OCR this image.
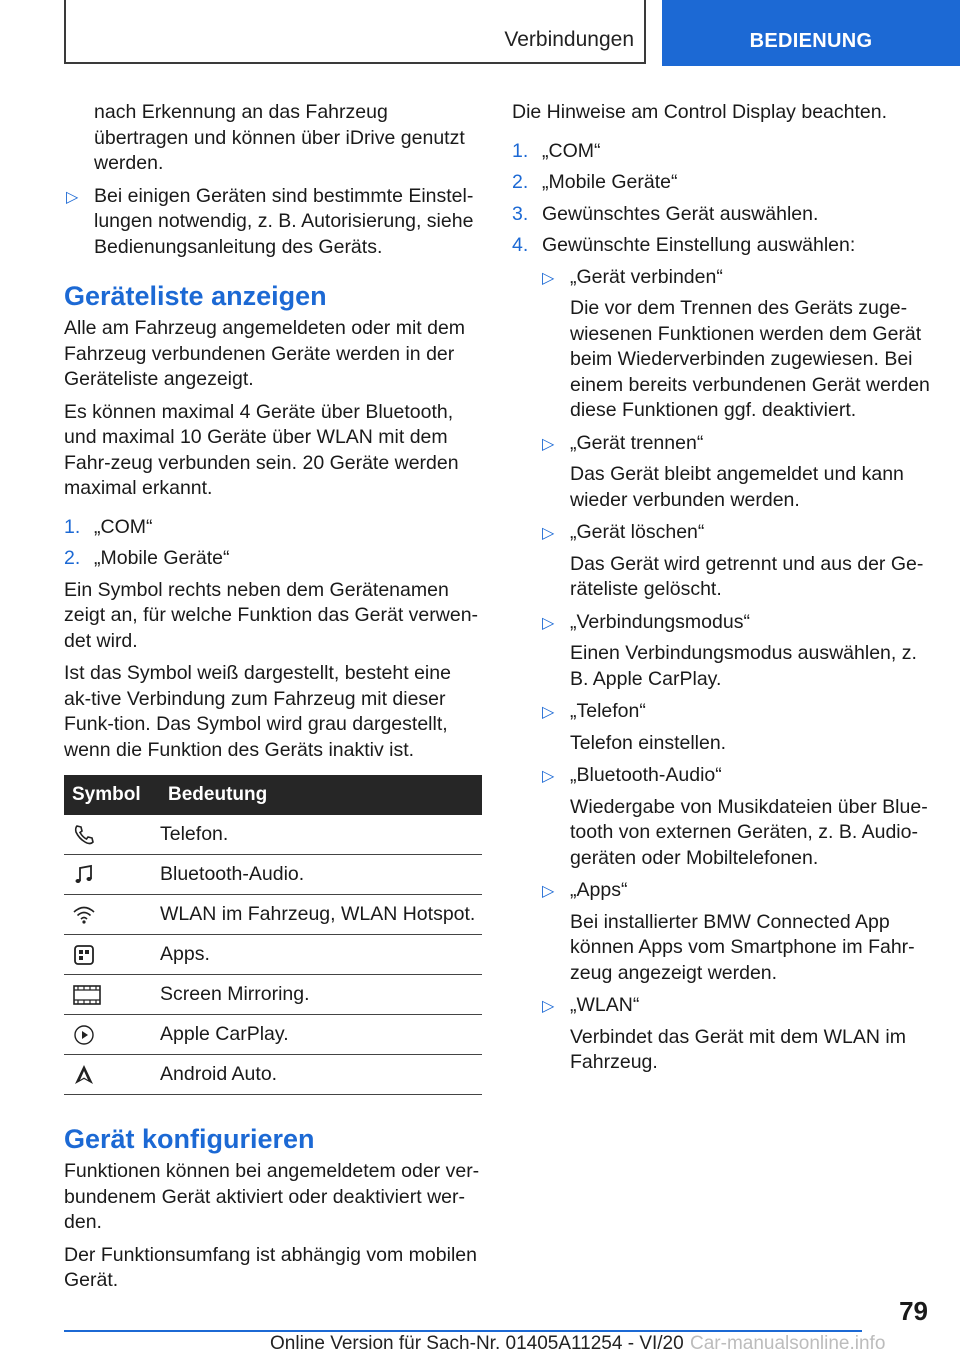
Verbindungen	BEDIENUNG

nach Erkennung an das Fahrzeug übertragen und können über iDrive genutzt werden.

▷ Bei einigen Geräten sind bestimmte Einstel-lungen notwendig, z. B. Autorisierung, siehe Bedienungsanleitung des Geräts.
Geräteliste anzeigen

Alle am Fahrzeug angemeldeten oder mit dem Fahrzeug verbundenen Geräte werden in der Geräteliste angezeigt.

Es können maximal 4 Geräte über Bluetooth, und maximal 10 Geräte über WLAN mit dem Fahr-zeug verbunden sein. 20 Geräte werden maximal erkannt.

1. „COM“
2. „Mobile Geräte“

Ein Symbol rechts neben dem Gerätenamen zeigt an, für welche Funktion das Gerät verwen-det wird.

Ist das Symbol weiß dargestellt, besteht eine ak-tive Verbindung zum Fahrzeug mit dieser Funk-tion. Das Symbol wird grau dargestellt, wenn die Funktion des Geräts inaktiv ist.

Symbol	Bedeutung

	Telefon.

	Bluetooth-Audio.

	WLAN im Fahrzeug, WLAN Hotspot.

	Apps.

	Screen Mirroring.

	Apple CarPlay.

	Android Auto.
Gerät konfigurieren

Funktionen können bei angemeldetem oder ver-bundenem Gerät aktiviert oder deaktiviert wer-den.

Der Funktionsumfang ist abhängig vom mobilen Gerät.

Die Hinweise am Control Display beachten.

1. „COM“
2. „Mobile Geräte“
3. Gewünschtes Gerät auswählen.
4. Gewünschte Einstellung auswählen:
▷ „Gerät verbinden“
Die vor dem Trennen des Geräts zuge-wiesenen Funktionen werden dem Gerät beim Wiederverbinden zugewiesen. Bei einem bereits verbundenen Gerät werden diese Funktionen ggf. deaktiviert.
▷ „Gerät trennen“
Das Gerät bleibt angemeldet und kann wieder verbunden werden.
▷ „Gerät löschen“
Das Gerät wird getrennt und aus der Ge-räteliste gelöscht.
▷ „Verbindungsmodus“
Einen Verbindungsmodus auswählen, z. B. Apple CarPlay.
▷ „Telefon“
Telefon einstellen.
▷ „Bluetooth-Audio“
Wiedergabe von Musikdateien über Blue-tooth von externen Geräten, z. B. Audio-geräten oder Mobiltelefonen.
▷ „Apps“
Bei installierter BMW Connected App können Apps vom Smartphone im Fahr-zeug angezeigt werden.
▷ „WLAN“
Verbindet das Gerät mit dem WLAN im Fahrzeug.
79
Online Version für Sach-Nr. 01405A11254 - VI/20 Car-manualsonline.info
